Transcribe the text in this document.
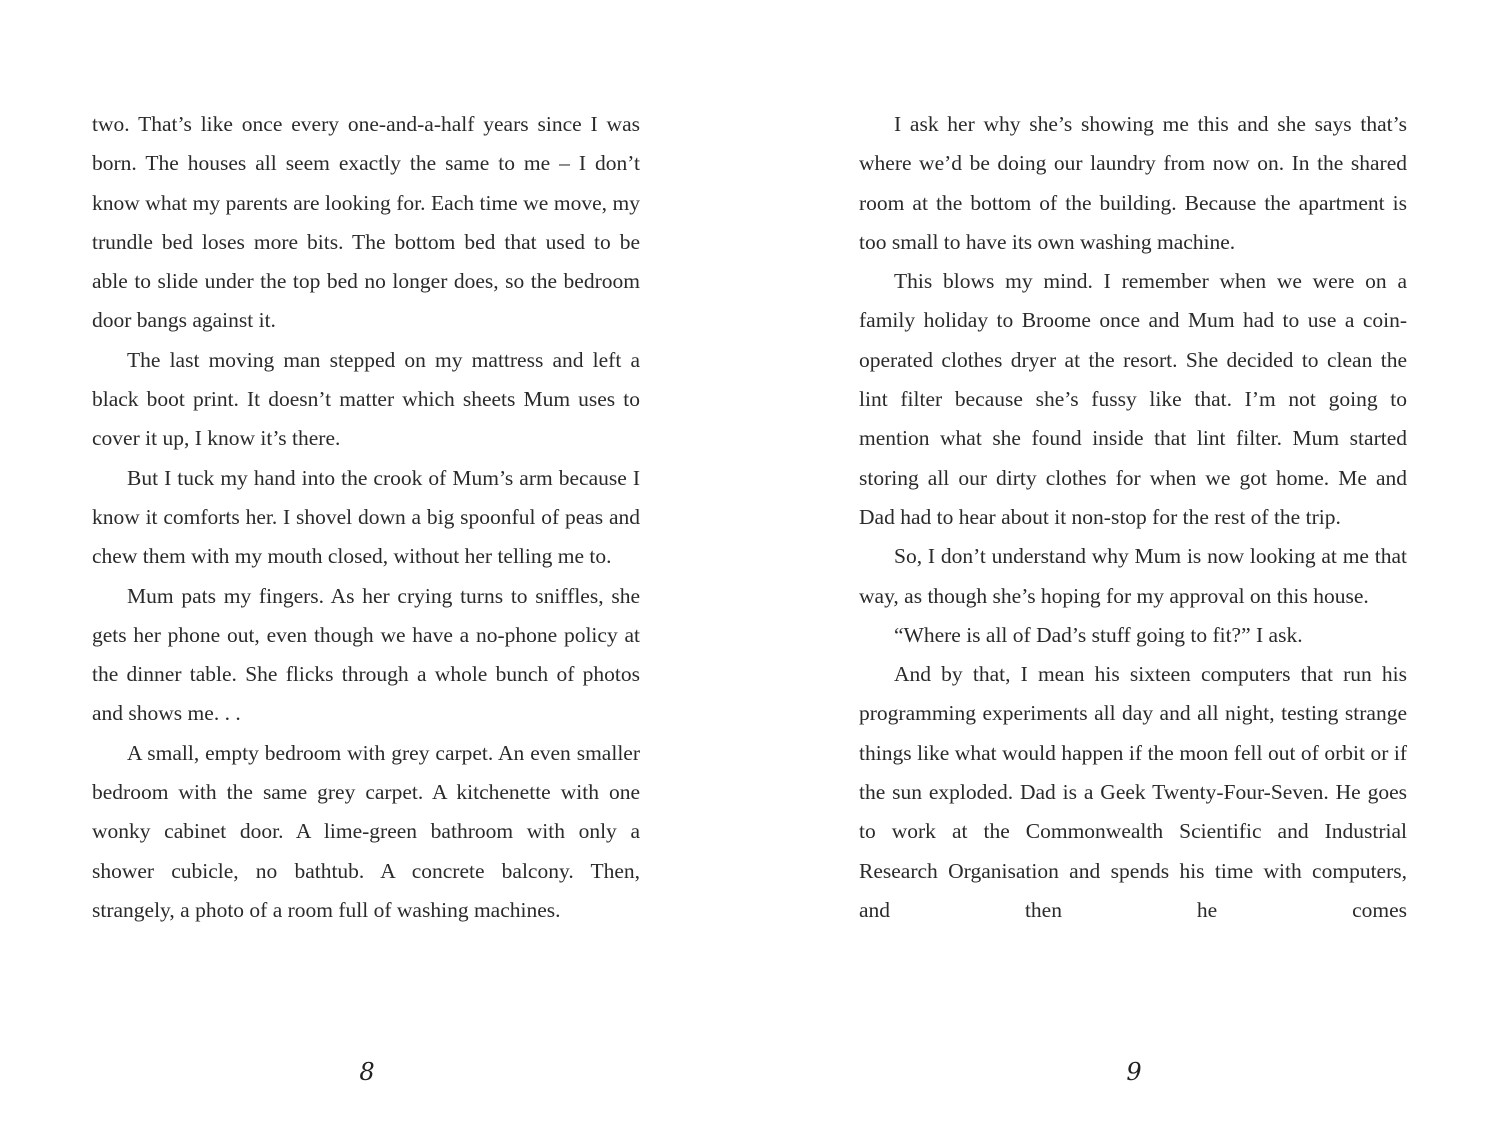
two. That’s like once every one-and-a-half years since I was born. The houses all seem exactly the same to me – I don’t know what my parents are looking for. Each time we move, my trundle bed loses more bits. The bottom bed that used to be able to slide under the top bed no longer does, so the bedroom door bangs against it.

The last moving man stepped on my mattress and left a black boot print. It doesn’t matter which sheets Mum uses to cover it up, I know it’s there.

But I tuck my hand into the crook of Mum’s arm because I know it comforts her. I shovel down a big spoonful of peas and chew them with my mouth closed, without her telling me to.

Mum pats my fingers. As her crying turns to sniffles, she gets her phone out, even though we have a no-phone policy at the dinner table. She flicks through a whole bunch of photos and shows me. . .

A small, empty bedroom with grey carpet. An even smaller bedroom with the same grey carpet. A kitchenette with one wonky cabinet door. A lime-green bathroom with only a shower cubicle, no bathtub. A concrete balcony. Then, strangely, a photo of a room full of washing machines.

8

I ask her why she’s showing me this and she says that’s where we’d be doing our laundry from now on. In the shared room at the bottom of the building. Because the apartment is too small to have its own washing machine.

This blows my mind. I remember when we were on a family holiday to Broome once and Mum had to use a coin-operated clothes dryer at the resort. She decided to clean the lint filter because she’s fussy like that. I’m not going to mention what she found inside that lint filter. Mum started storing all our dirty clothes for when we got home. Me and Dad had to hear about it non-stop for the rest of the trip.

So, I don’t understand why Mum is now looking at me that way, as though she’s hoping for my approval on this house.

“Where is all of Dad’s stuff going to fit?” I ask.

And by that, I mean his sixteen computers that run his programming experiments all day and all night, testing strange things like what would happen if the moon fell out of orbit or if the sun exploded. Dad is a Geek Twenty-Four-Seven. He goes to work at the Commonwealth Scientific and Industrial Research Organisation and spends his time with computers, and then he comes

9
